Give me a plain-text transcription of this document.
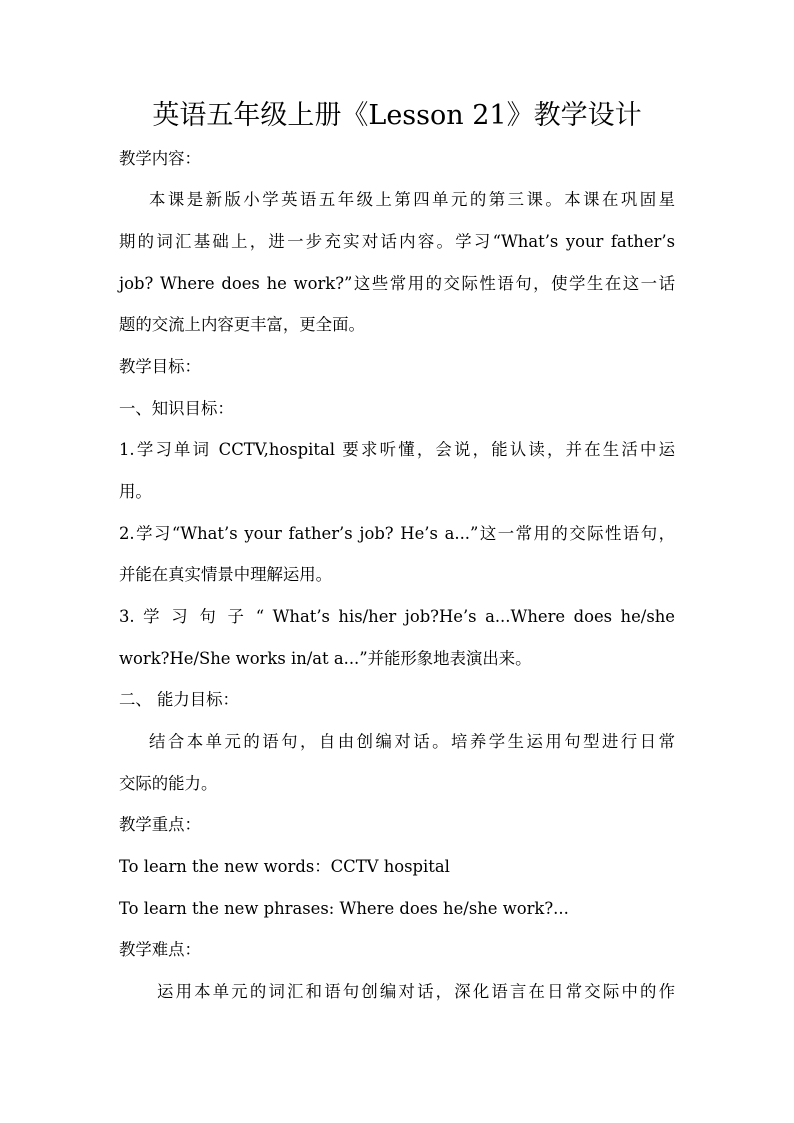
英语五年级上册《Lesson 21》教学设计
教学内容：
本课是新版小学英语五年级上第四单元的第三课。本课在巩固星
期的词汇基础上，进一步充实对话内容。学习“What’s your father’s
job? Where does he work?”这些常用的交际性语句，使学生在这一话
题的交流上内容更丰富，更全面。
教学目标：
一、知识目标：
1.学习单词 CCTV,hospital 要求听懂，会说，能认读，并在生活中运
用。
2.学习“What’s your father’s job? He’s a...”这一常用的交际性语句，
并能在真实情景中理解运用。
3. 学 习 句 子 “ What’s his/her job?He’s a...Where does he/she
work?He/She works in/at a...”并能形象地表演出来。
二、 能力目标：
结合本单元的语句，自由创编对话。培养学生运用句型进行日常
交际的能力。
教学重点：
To learn the new words：CCTV hospital
To learn the new phrases: Where does he/she work?...
教学难点：
运用本单元的词汇和语句创编对话，深化语言在日常交际中的作
